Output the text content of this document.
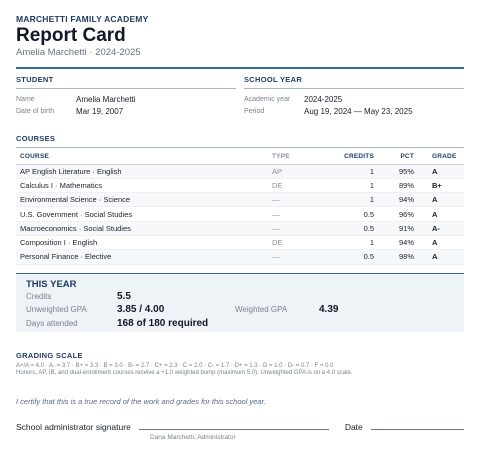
MARCHETTI FAMILY ACADEMY
Report Card
Amelia Marchetti · 2024-2025
STUDENT
Name	Amelia Marchetti
Date of birth	Mar 19, 2007
SCHOOL YEAR
Academic year	2024-2025
Period	Aug 19, 2024 — May 23, 2025
COURSES
COURSE	TYPE	CREDITS	PCT	GRADE
AP English Literature · English	AP	1	95%	A
Calculus I · Mathematics	DE	1	89%	B+
Environmental Science · Science	—	1	94%	A
U.S. Government · Social Studies	—	0.5	96%	A
Macroeconomics · Social Studies	—	0.5	91%	A-
Composition I · English	DE	1	94%	A
Personal Finance · Elective	—	0.5	98%	A
THIS YEAR
Credits	5.5
Unweighted GPA	3.85 / 4.00	Weighted GPA	4.39
Days attended	168 of 180 required
GRADING SCALE
A+/A = 4.0 · A- = 3.7 · B+ = 3.3 · B = 3.0 · B- = 2.7 · C+ = 2.3 · C = 2.0 · C- = 1.7 · D+ = 1.3 · D = 1.0 · D- = 0.7 · F = 0.0
Honors, AP, IB, and dual-enrollment courses receive a +1.0 weighted bump (maximum 5.0). Unweighted GPA is on a 4.0 scale.
I certify that this is a true record of the work and grades for this school year.
School administrator signature	Date
Dana Marchetti, Administrator
